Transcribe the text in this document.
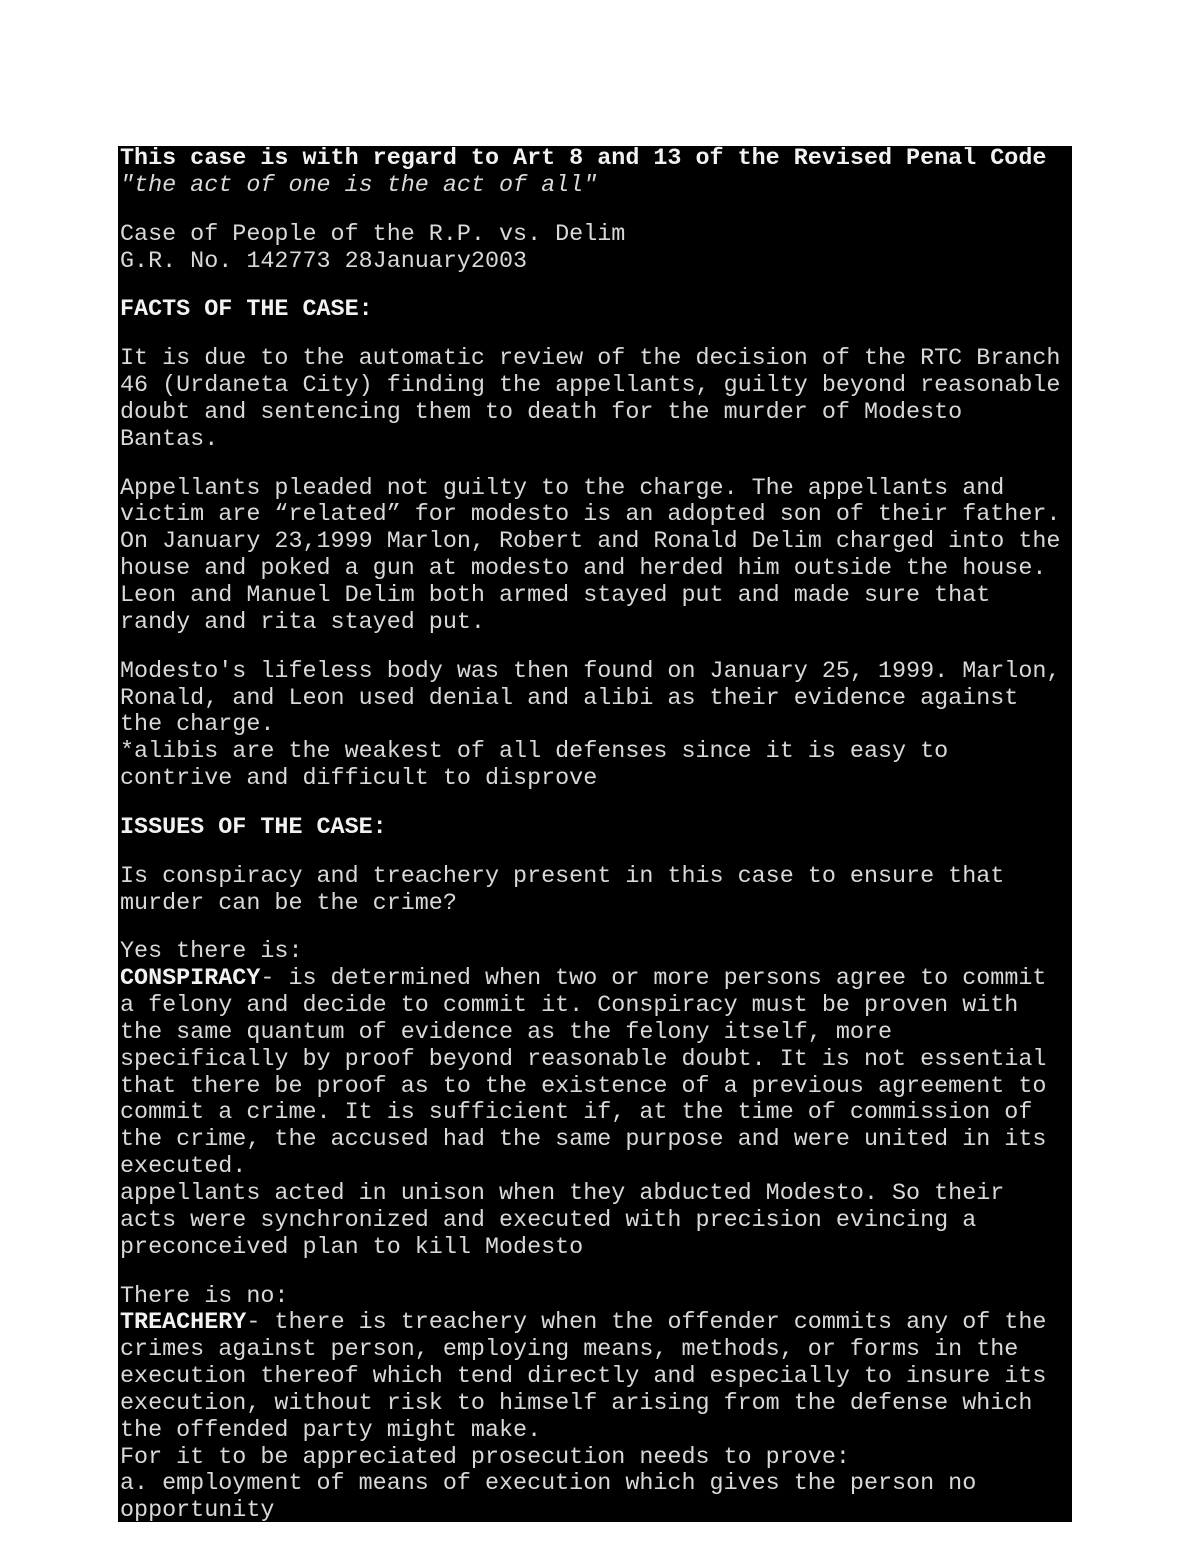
This case is with regard to Art 8 and 13 of the Revised Penal Code
"the act of one is the act of all"
Case of People of the R.P. vs. Delim
G.R. No. 142773 28January2003
FACTS OF THE CASE:
It is due to the automatic review of the decision of the RTC Branch
46 (Urdaneta City) finding the appellants, guilty beyond reasonable
doubt and sentencing them to death for the murder of Modesto
Bantas.
Appellants pleaded not guilty to the charge. The appellants and
victim are “related” for modesto is an adopted son of their father.
On January 23,1999 Marlon, Robert and Ronald Delim charged into the
house and poked a gun at modesto and herded him outside the house.
Leon and Manuel Delim both armed stayed put and made sure that
randy and rita stayed put.
Modesto's lifeless body was then found on January 25, 1999. Marlon,
Ronald, and Leon used denial and alibi as their evidence against
the charge.
*alibis are the weakest of all defenses since it is easy to
contrive and difficult to disprove
ISSUES OF THE CASE:
Is conspiracy and treachery present in this case to ensure that
murder can be the crime?
Yes there is:
CONSPIRACY- is determined when two or more persons agree to commit
a felony and decide to commit it. Conspiracy must be proven with
the same quantum of evidence as the felony itself, more
specifically by proof beyond reasonable doubt. It is not essential
that there be proof as to the existence of a previous agreement to
commit a crime. It is sufficient if, at the time of commission of
the crime, the accused had the same purpose and were united in its
executed.
appellants acted in unison when they abducted Modesto. So their
acts were synchronized and executed with precision evincing a
preconceived plan to kill Modesto
There is no:
TREACHERY- there is treachery when the offender commits any of the
crimes against person, employing means, methods, or forms in the
execution thereof which tend directly and especially to insure its
execution, without risk to himself arising from the defense which
the offended party might make.
For it to be appreciated prosecution needs to prove:
a. employment of means of execution which gives the person no
opportunity
